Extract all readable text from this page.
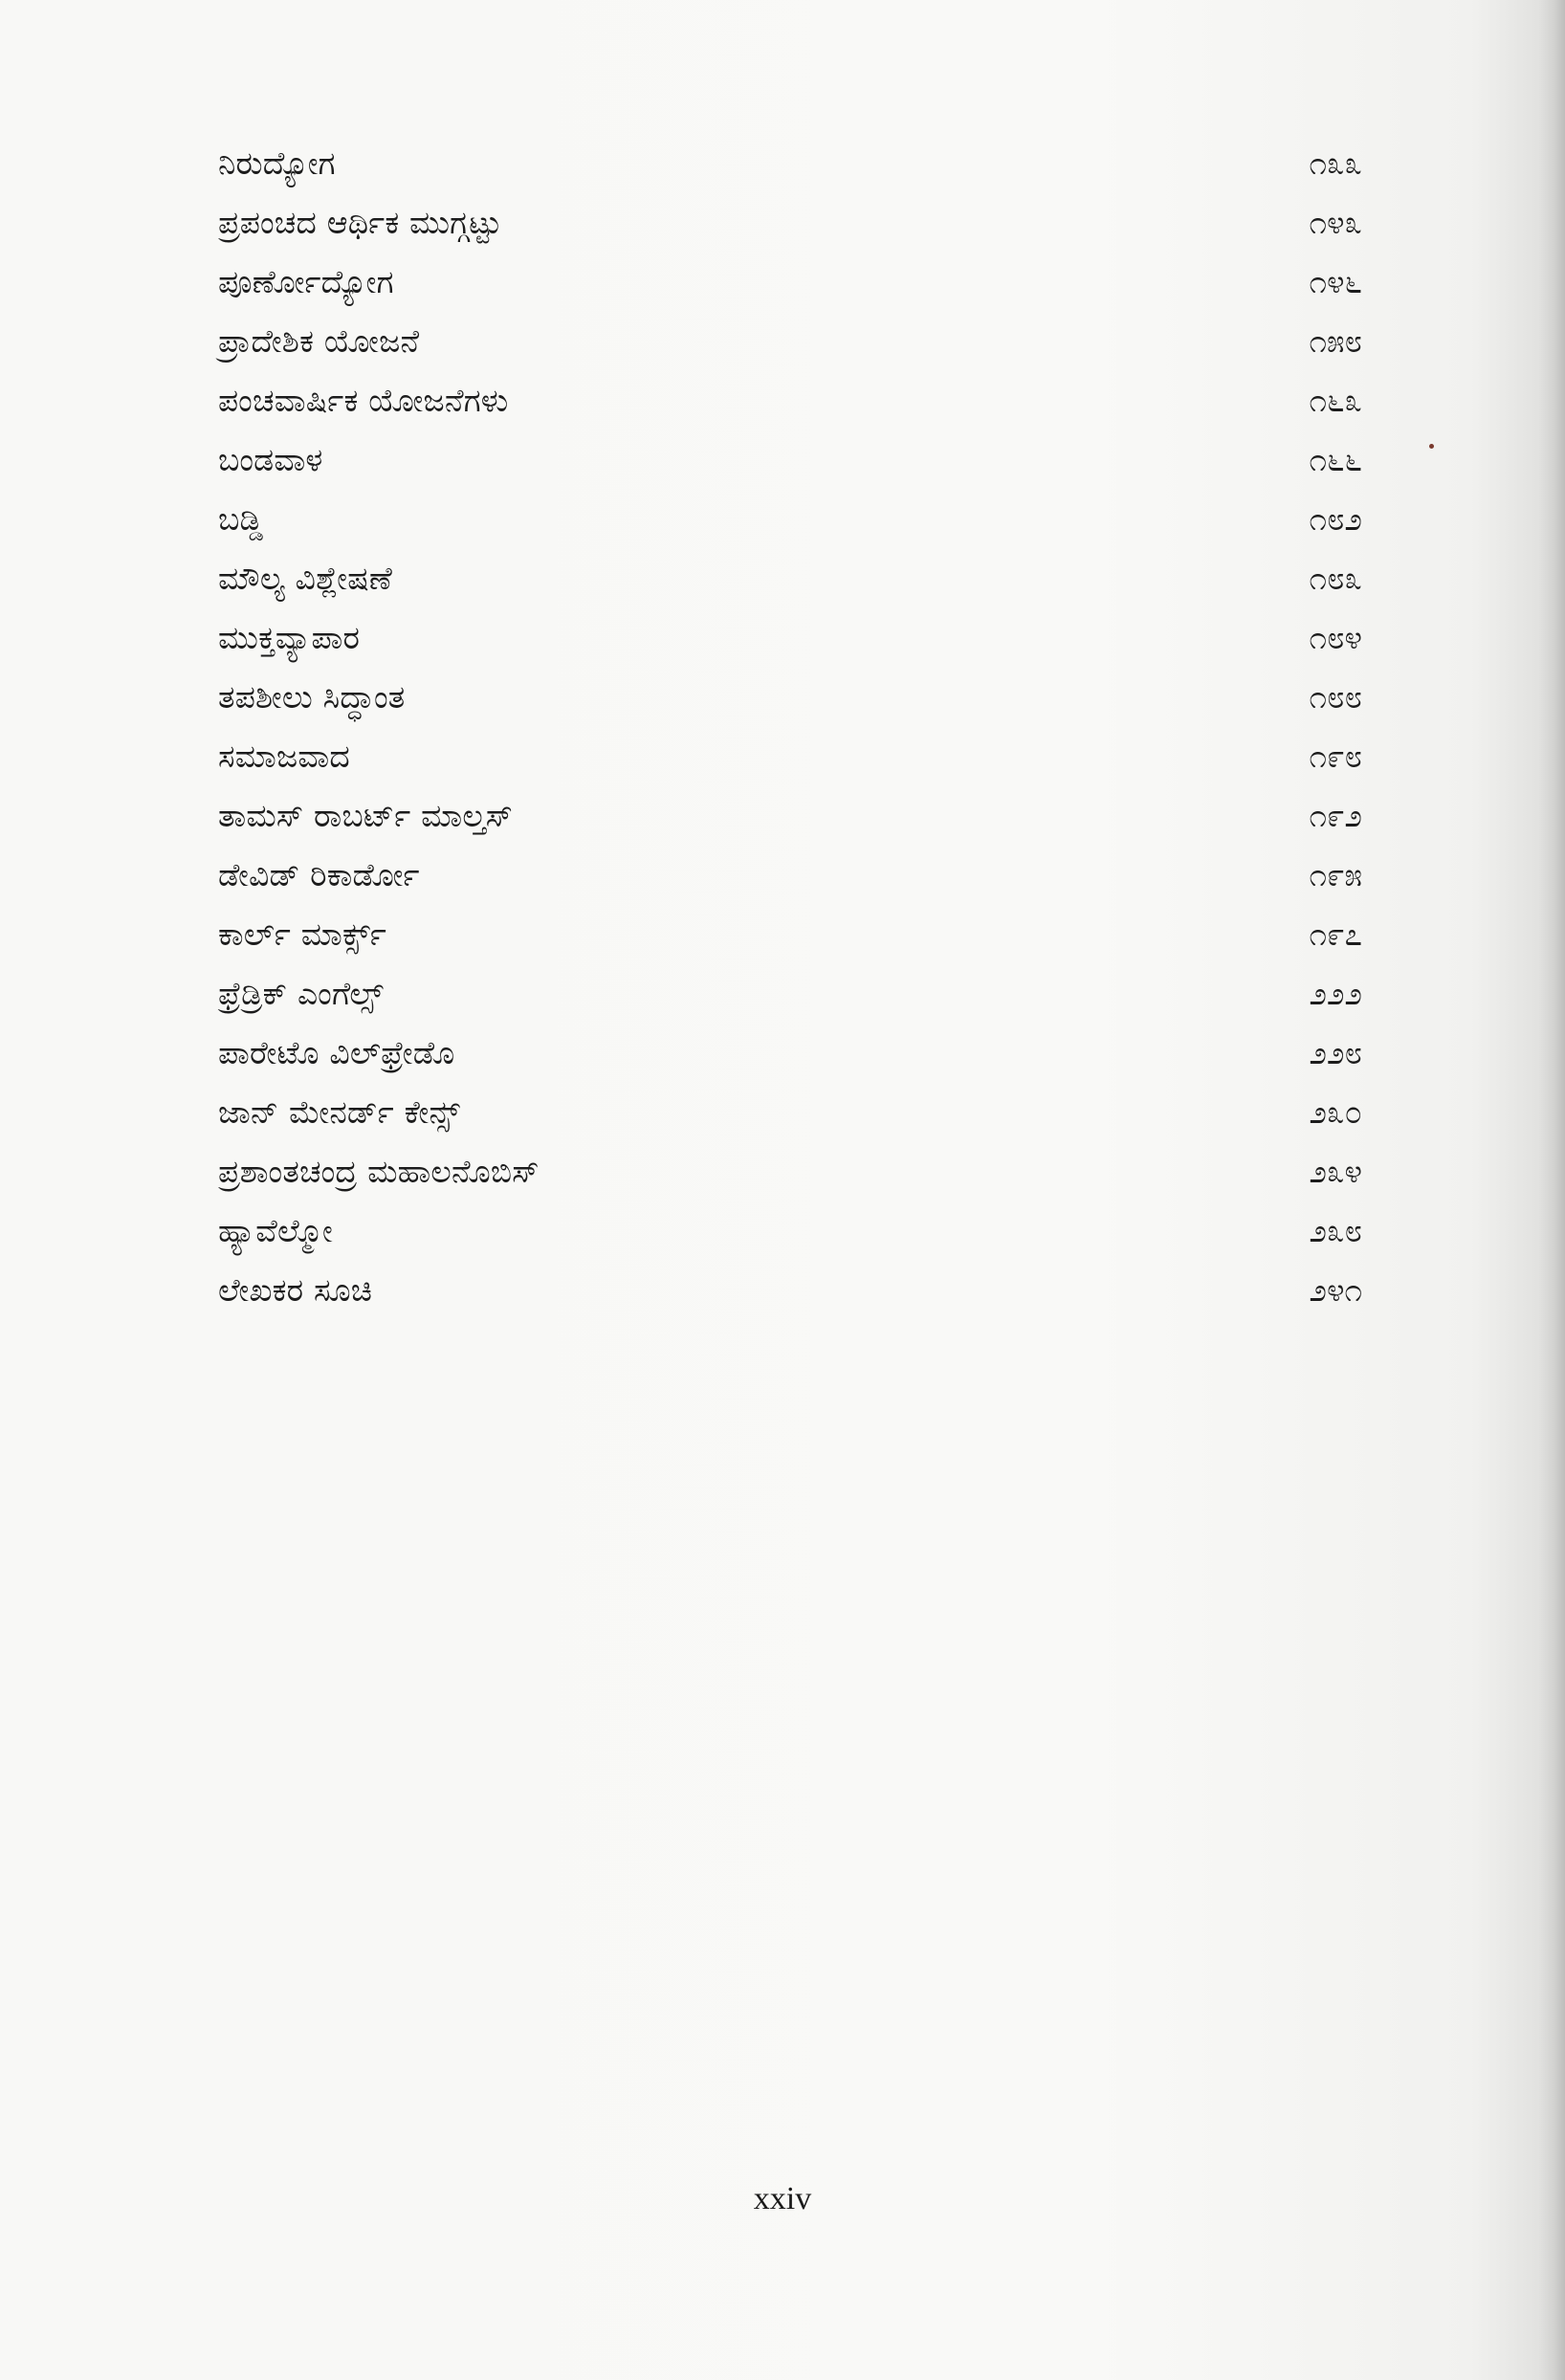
ನಿರುದ್ಯೋಗ	೧೩೩
ಪ್ರಪಂಚದ ಆರ್ಥಿಕ ಮುಗ್ಗಟ್ಟು	೧೪೩
ಪೂರ್ಣೋದ್ಯೋಗ	೧೪೬
ಪ್ರಾದೇಶಿಕ ಯೋಜನೆ	೧೫೮
ಪಂಚವಾರ್ಷಿಕ ಯೋಜನೆಗಳು	೧೬೩
ಬಂಡವಾಳ	೧೬೬
ಬಡ್ಡಿ	೧೮೨
ಮೌಲ್ಯ ವಿಶ್ಲೇಷಣೆ	೧೮೩
ಮುಕ್ತವ್ಯಾಪಾರ	೧೮೪
ತಪಶೀಲು ಸಿದ್ಧಾಂತ	೧೮೮
ಸಮಾಜವಾದ	೧೯೮
ತಾಮಸ್ ರಾಬರ್ಟ್ ಮಾಲ್ತಸ್	೧೯೨
ಡೇವಿಡ್ ರಿಕಾರ್ಡೋ	೧೯೫
ಕಾರ್ಲ್ ಮಾರ್ಕ್ಸ್	೧೯೭
ಫ್ರೆಡ್ರಿಕ್ ಎಂಗೆಲ್ಸ್	೨೨೨
ಪಾರೇಟೊ ವಿಲ್‌ಫ್ರೇಡೊ	೨೨೮
ಜಾನ್ ಮೇನರ್ಡ್ ಕೇನ್ಸ್	೨೩೦
ಪ್ರಶಾಂತಚಂದ್ರ ಮಹಾಲನೊಬಿಸ್	೨೩೪
ಹ್ಯಾವೆಲ್ಮೋ	೨೩೮
ಲೇಖಕರ ಸೂಚಿ	೨೪೧
xxiv
